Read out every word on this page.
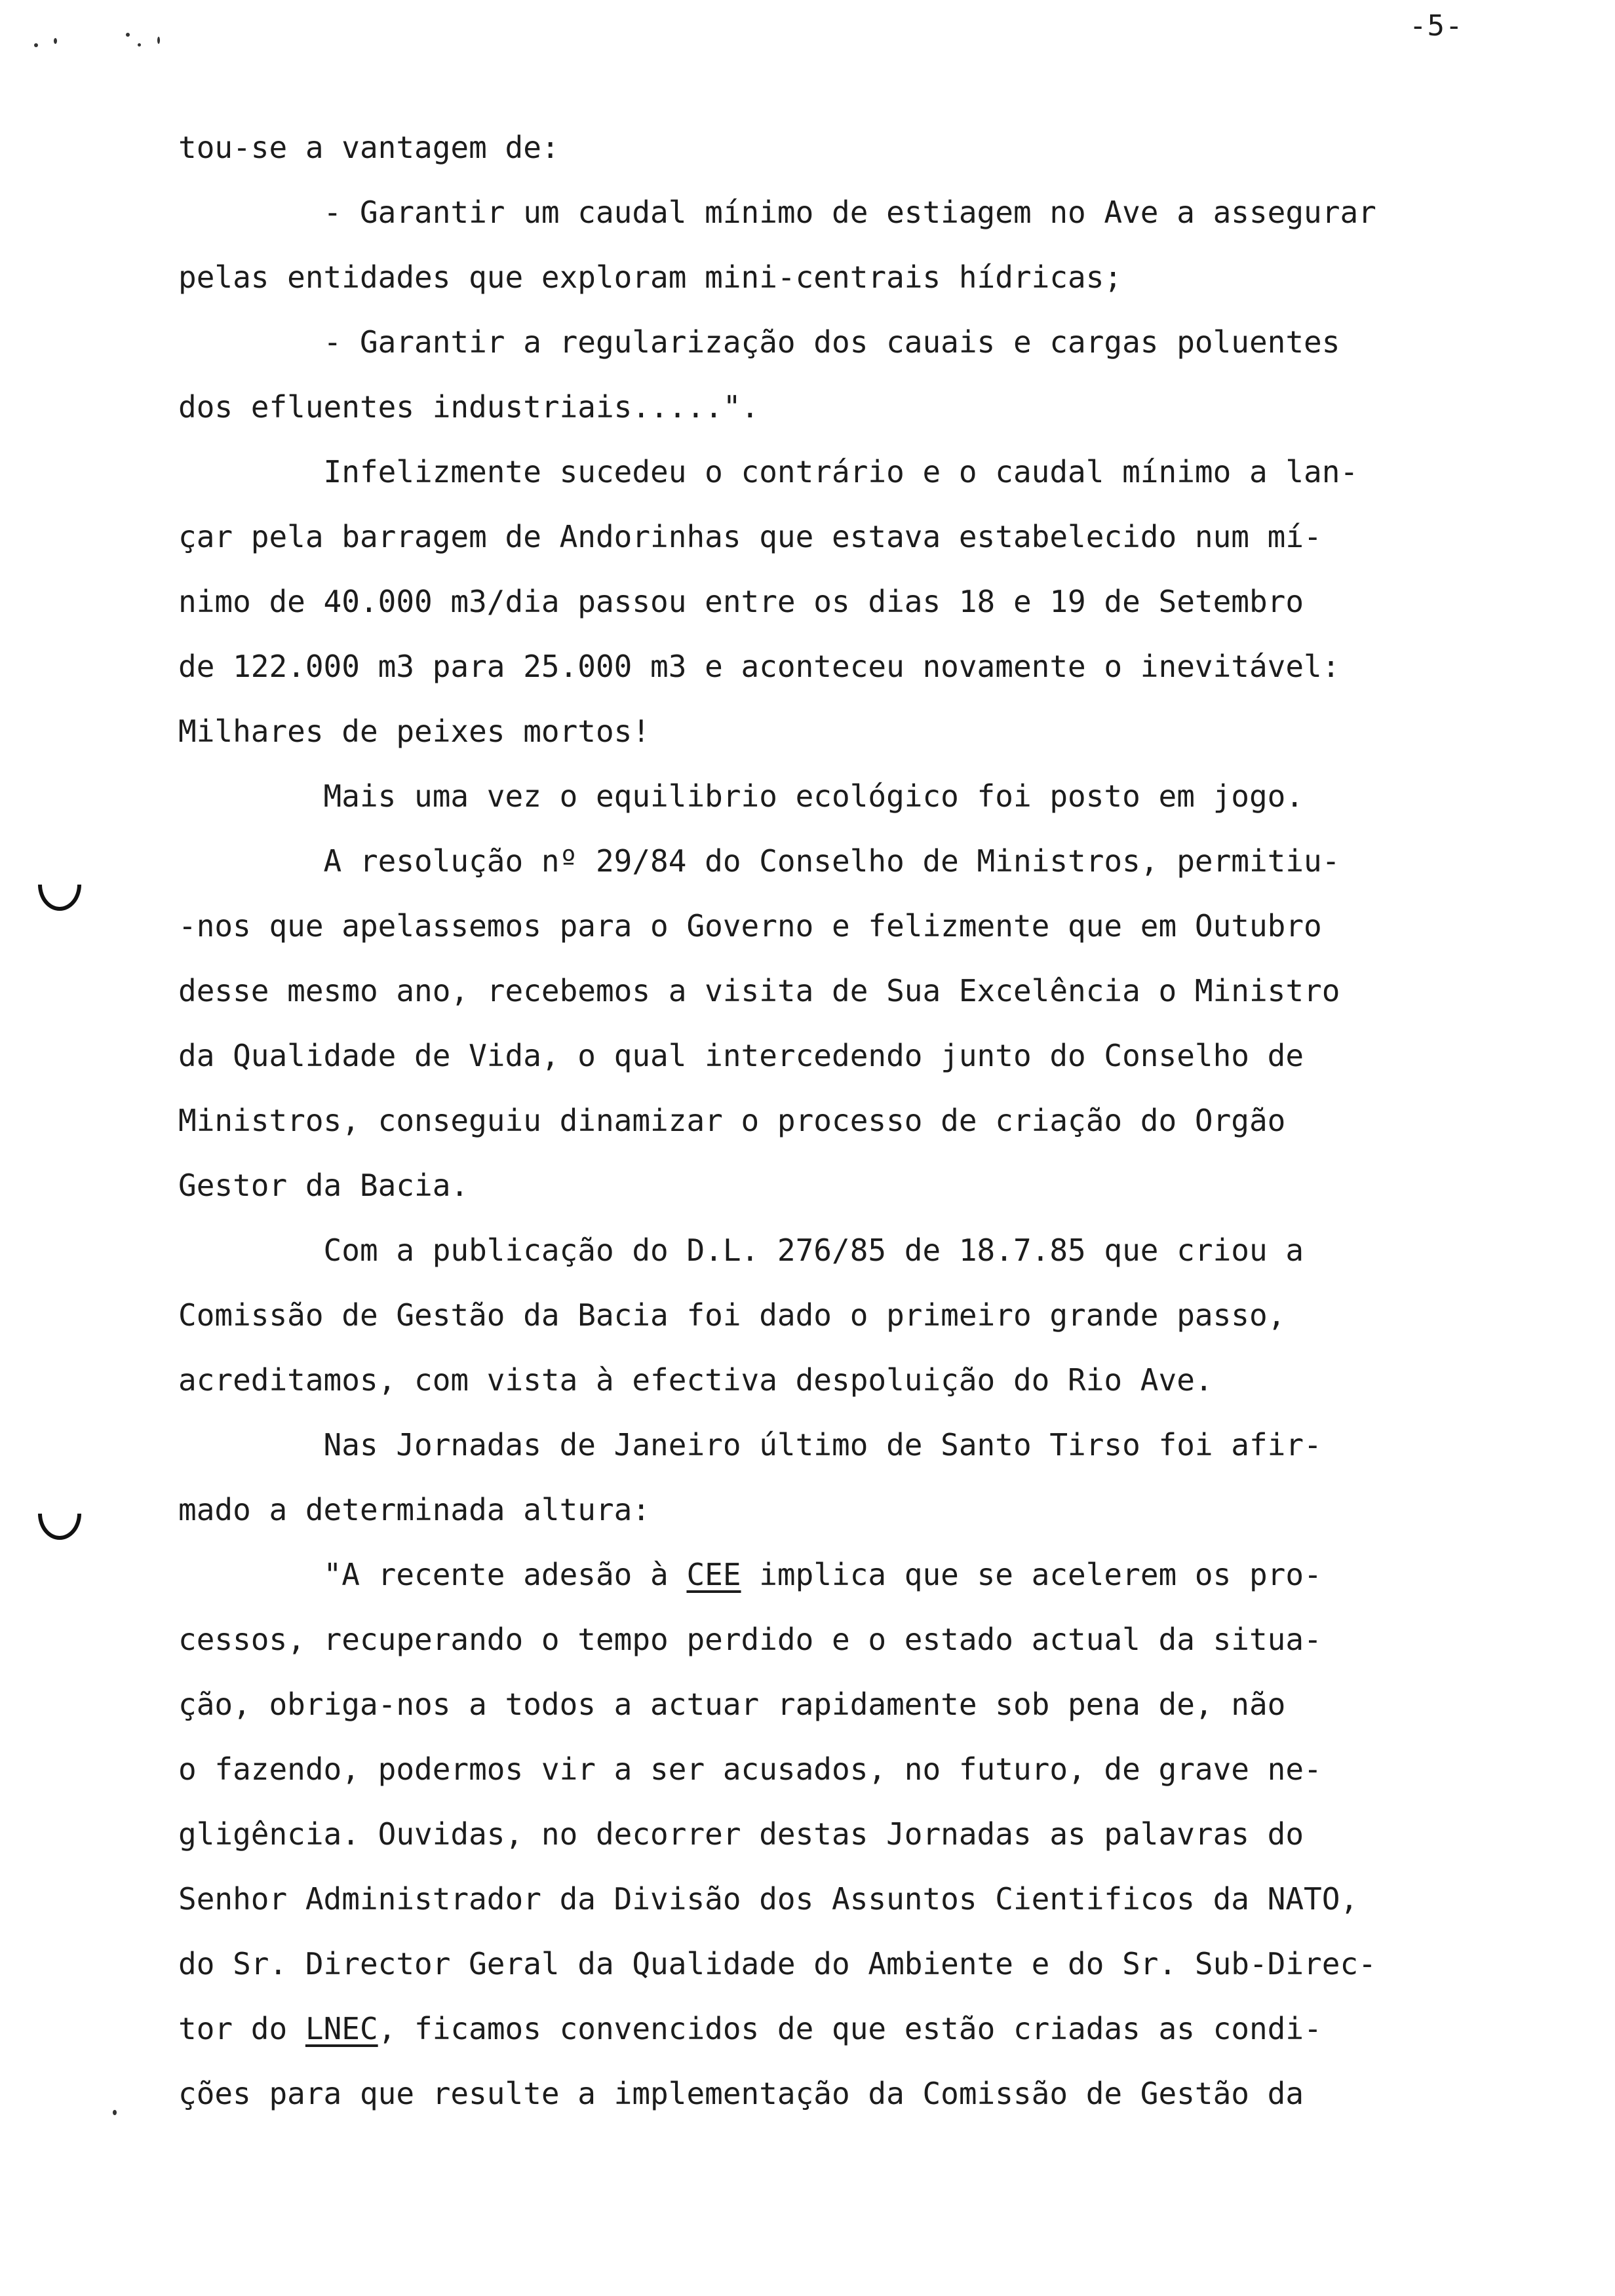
-5-
tou-se a vantagem de:
- Garantir um caudal mínimo de estiagem no Ave a assegurar
pelas entidades que exploram mini-centrais hídricas;
- Garantir a regularização dos cauais e cargas poluentes
dos efluentes industriais.....".
Infelizmente sucedeu o contrário e o caudal mínimo a lan-
çar pela barragem de Andorinhas que estava estabelecido num mí-
nimo de 40.000 m3/dia passou entre os dias 18 e 19 de Setembro
de 122.000 m3 para 25.000 m3 e aconteceu novamente o inevitável:
Milhares de peixes mortos!
Mais uma vez o equilibrio ecológico foi posto em jogo.
A resolução nº 29/84 do Conselho de Ministros, permitiu-
-nos que apelassemos para o Governo e felizmente que em Outubro
desse mesmo ano, recebemos a visita de Sua Excelência o Ministro
da Qualidade de Vida, o qual intercedendo junto do Conselho de
Ministros, conseguiu dinamizar o processo de criação do Orgão
Gestor da Bacia.
Com a publicação do D.L. 276/85 de 18.7.85 que criou a
Comissão de Gestão da Bacia foi dado o primeiro grande passo,
acreditamos, com vista à efectiva despoluição do Rio Ave.
Nas Jornadas de Janeiro último de Santo Tirso foi afir-
mado a determinada altura:
"A recente adesão à CEE implica que se acelerem os pro-
cessos, recuperando o tempo perdido e o estado actual da situa-
ção, obriga-nos a todos a actuar rapidamente sob pena de, não
o fazendo, podermos vir a ser acusados, no futuro, de grave ne-
gligência. Ouvidas, no decorrer destas Jornadas as palavras do
Senhor Administrador da Divisão dos Assuntos Cientificos da NATO,
do Sr. Director Geral da Qualidade do Ambiente e do Sr. Sub-Direc-
tor do LNEC, ficamos convencidos de que estão criadas as condi-
ções para que resulte a implementação da Comissão de Gestão da
